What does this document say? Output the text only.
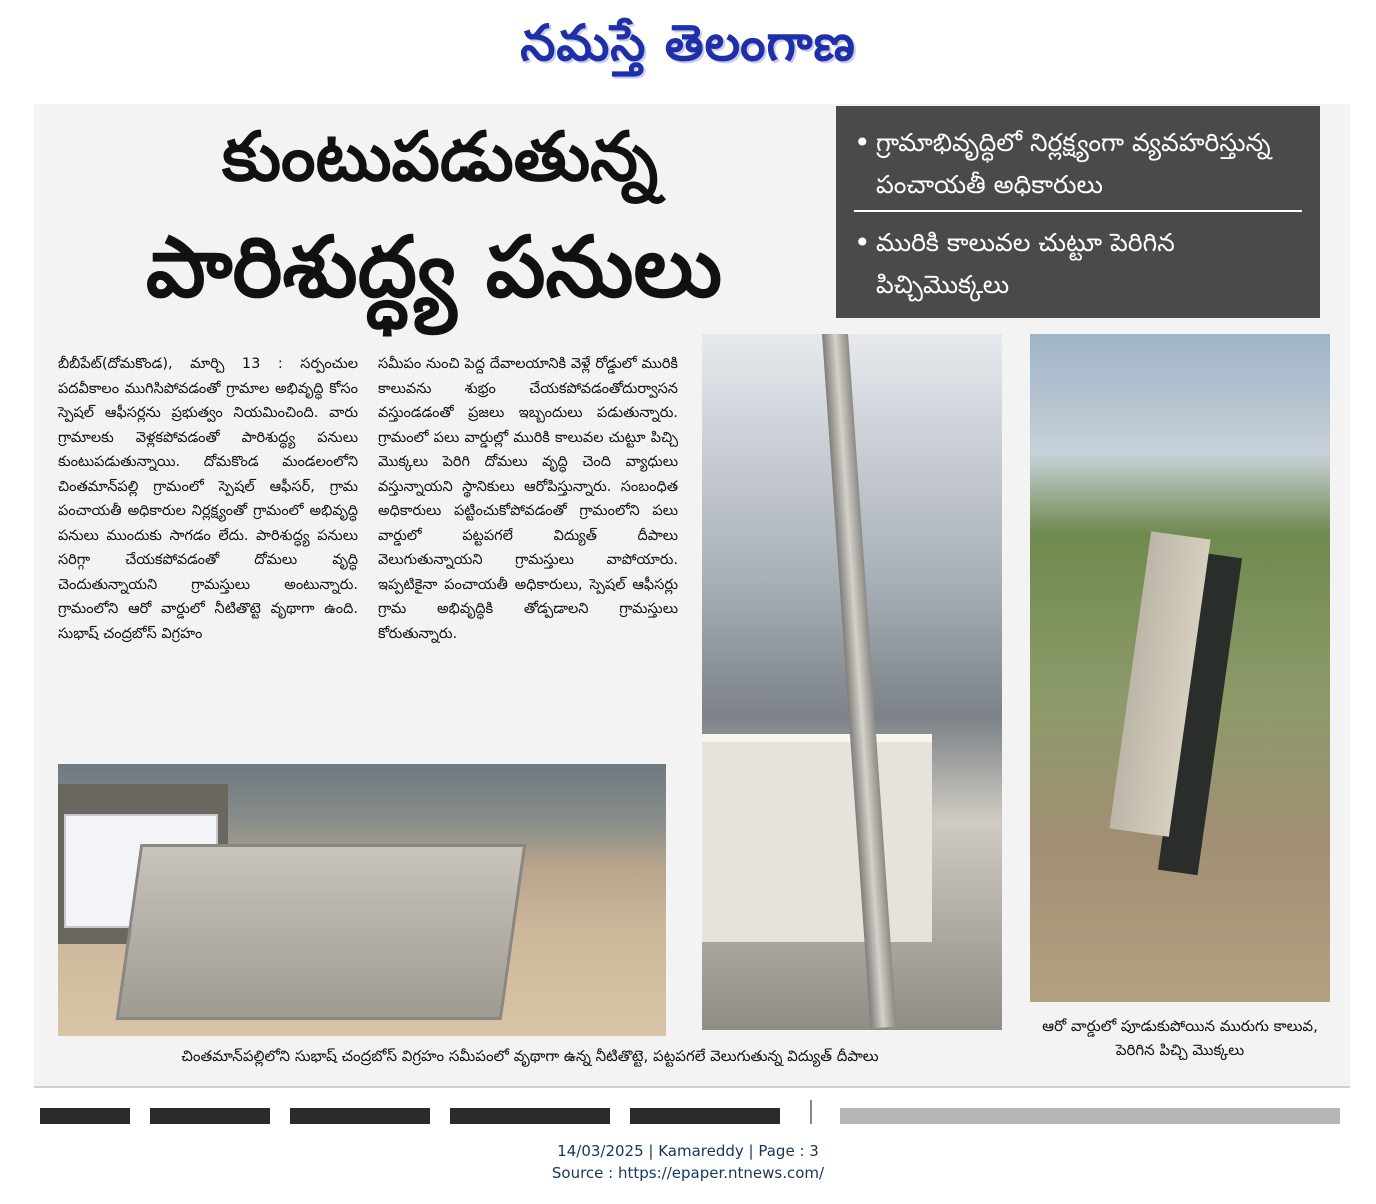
నమస్తే తెలంగాణ
కుంటుపడుతున్న
పారిశుద్ధ్య పనులు
• గ్రామాభివృద్ధిలో నిర్లక్ష్యంగా వ్యవహరిస్తున్న పంచాయతీ అధికారులు
• మురికి కాలువల చుట్టూ పెరిగిన పిచ్చిమొక్కలు

బీబీపేట్(దోమకొండ), మార్చి 13 : సర్పంచుల పదవీకాలం ముగిసిపోవడంతో గ్రామాల అభివృద్ధి కోసం స్పెషల్ ఆఫీసర్లను ప్రభుత్వం నియమించింది. వారు గ్రామాలకు వెళ్లకపోవడంతో పారిశుద్ధ్య పనులు కుంటుపడుతున్నాయి. దోమకొండ మండలంలోని చింతమాన్‌పల్లి గ్రామంలో స్పెషల్ ఆఫీసర్, గ్రామ పంచాయతీ అధికారుల నిర్లక్ష్యంతో గ్రామంలో అభివృద్ధి పనులు ముందుకు సాగడం లేదు. పారిశుద్ధ్య పనులు సరిగ్గా చేయకపోవడంతో దోమలు వృద్ధి చెందుతున్నాయని గ్రామస్తులు అంటున్నారు. గ్రామంలోని ఆరో వార్డులో నీటితొట్టె వృథాగా ఉంది. సుభాష్ చంద్రబోస్ విగ్రహం

సమీపం నుంచి పెద్ద దేవాలయానికి వెళ్లే రోడ్డులో మురికి కాలువను శుభ్రం చేయకపోవడంతోదుర్వాసన వస్తుండడంతో ప్రజలు ఇబ్బందులు పడుతున్నారు. గ్రామంలో పలు వార్డుల్లో మురికి కాలువల చుట్టూ పిచ్చి మొక్కలు పెరిగి దోమలు వృద్ధి చెంది వ్యాధులు వస్తున్నాయని స్థానికులు ఆరోపిస్తున్నారు. సంబంధిత అధికారులు పట్టించుకోపోవడంతో గ్రామంలోని పలు వార్డులో పట్టపగలే విద్యుత్ దీపాలు వెలుగుతున్నాయని గ్రామస్తులు వాపోయారు. ఇప్పటికైనా పంచాయతీ అధికారులు, స్పెషల్ ఆఫీసర్లు గ్రామ అభివృద్ధికి తోడ్పడాలని గ్రామస్తులు కోరుతున్నారు.

చింతమాన్‌పల్లిలోని సుభాష్ చంద్రబోస్ విగ్రహం సమీపంలో వృథాగా ఉన్న నీటితొట్టె, పట్టపగలే వెలుగుతున్న విద్యుత్ దీపాలు
ఆరో వార్డులో పూడుకుపోయిన మురుగు కాలువ, పెరిగిన పిచ్చి మొక్కలు
14/03/2025 | Kamareddy | Page : 3
Source : https://epaper.ntnews.com/
